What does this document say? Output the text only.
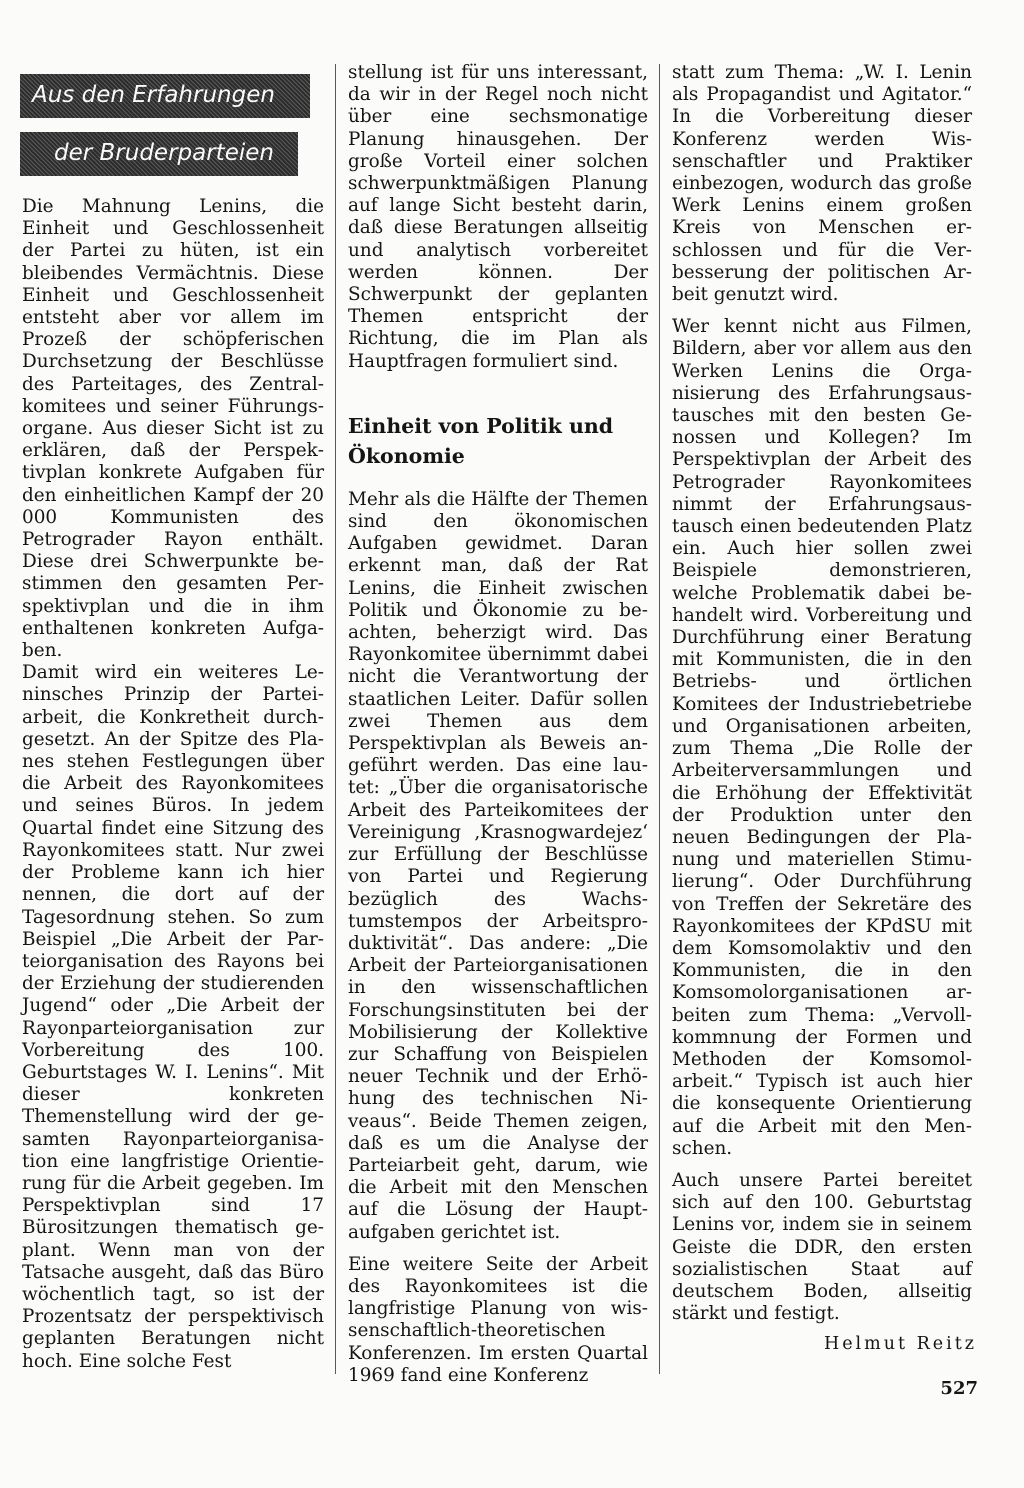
Aus den Erfahrungen
der Bruderparteien

Die Mahnung Lenins, die Einheit und Geschlossenheit der Partei zu hüten, ist ein bleibendes Vermächtnis. Diese Einheit und Geschlossenheit entsteht aber vor allem im Prozeß der schöpferischen Durchsetzung der Beschlüsse des Parteitages, des Zentralkomitees und seiner Führungsorgane. Aus dieser Sicht ist zu erklären, daß der Perspektivplan konkrete Aufgaben für den einheitlichen Kampf der 20 000 Kommunisten des Petrograder Rayon enthält. Diese drei Schwerpunkte bestimmen den gesamten Perspektivplan und die in ihm enthaltenen konkreten Aufgaben.

Damit wird ein weiteres Leninsches Prinzip der Parteiarbeit, die Konkretheit durchgesetzt. An der Spitze des Planes stehen Festlegungen über die Arbeit des Rayonkomitees und seines Büros. In jedem Quartal findet eine Sitzung des Rayonkomitees statt. Nur zwei der Probleme kann ich hier nennen, die dort auf der Tagesordnung stehen. So zum Beispiel „Die Arbeit der Parteiorganisation des Rayons bei der Erziehung der studierenden Jugend“ oder „Die Arbeit der Rayonparteiorganisation zur Vorbereitung des 100. Geburtstages W. I. Lenins“. Mit dieser konkreten Themenstellung wird der gesamten Rayonparteiorganisation eine langfristige Orientierung für die Arbeit gegeben. Im Perspektivplan sind 17 Bürositzungen thematisch geplant. Wenn man von der Tatsache ausgeht, daß das Büro wöchentlich tagt, so ist der Prozentsatz der perspektivisch geplanten Beratungen nicht hoch. Eine solche Fest

stellung ist für uns interessant, da wir in der Regel noch nicht über eine sechsmonatige Planung hinausgehen. Der große Vorteil einer solchen schwerpunktmäßigen Planung auf lange Sicht besteht darin, daß diese Beratungen allseitig und analytisch vorbereitet werden können. Der Schwerpunkt der geplanten Themen entspricht der Richtung, die im Plan als Hauptfragen formuliert sind.

Einheit von Politik und Ökonomie

Mehr als die Hälfte der Themen sind den ökonomischen Aufgaben gewidmet. Daran erkennt man, daß der Rat Lenins, die Einheit zwischen Politik und Ökonomie zu beachten, beherzigt wird. Das Rayonkomitee übernimmt dabei nicht die Verantwortung der staatlichen Leiter. Dafür sollen zwei Themen aus dem Perspektivplan als Beweis angeführt werden. Das eine lautet: „Über die organisatorische Arbeit des Parteikomitees der Vereinigung ‚Krasnogwardejez‘ zur Erfüllung der Beschlüsse von Partei und Regierung bezüglich des Wachstumstempos der Arbeitsproduktivität“. Das andere: „Die Arbeit der Parteiorganisationen in den wissenschaftlichen Forschungsinstituten bei der Mobilisierung der Kollektive zur Schaffung von Beispielen neuer Technik und der Erhöhung des technischen Niveaus“. Beide Themen zeigen, daß es um die Analyse der Parteiarbeit geht, darum, wie die Arbeit mit den Menschen auf die Lösung der Hauptaufgaben gerichtet ist.

Eine weitere Seite der Arbeit des Rayonkomitees ist die langfristige Planung von wissenschaftlich-theoretischen Konferenzen. Im ersten Quartal 1969 fand eine Konferenz

statt zum Thema: „W. I. Lenin als Propagandist und Agitator.“ In die Vorbereitung dieser Konferenz werden Wissenschaftler und Praktiker einbezogen, wodurch das große Werk Lenins einem großen Kreis von Menschen erschlossen und für die Verbesserung der politischen Arbeit genutzt wird.

Wer kennt nicht aus Filmen, Bildern, aber vor allem aus den Werken Lenins die Organisierung des Erfahrungsaustausches mit den besten Genossen und Kollegen? Im Perspektivplan der Arbeit des Petrograder Rayonkomitees nimmt der Erfahrungsaustausch einen bedeutenden Platz ein. Auch hier sollen zwei Beispiele demonstrieren, welche Problematik dabei behandelt wird. Vorbereitung und Durchführung einer Beratung mit Kommunisten, die in den Betriebs- und örtlichen Komitees der Industriebetriebe und Organisationen arbeiten, zum Thema „Die Rolle der Arbeiterversammlungen und die Erhöhung der Effektivität der Produktion unter den neuen Bedingungen der Planung und materiellen Stimulierung“. Oder Durchführung von Treffen der Sekretäre des Rayonkomitees der KPdSU mit dem Komsomolaktiv und den Kommunisten, die in den Komsomolorganisationen arbeiten zum Thema: „Vervollkommnung der Formen und Methoden der Komsomolarbeit.“ Typisch ist auch hier die konsequente Orientierung auf die Arbeit mit den Menschen.

Auch unsere Partei bereitet sich auf den 100. Geburtstag Lenins vor, indem sie in seinem Geiste die DDR, den ersten sozialistischen Staat auf deutschem Boden, allseitig stärkt und festigt.

Helmut Reitz
527
